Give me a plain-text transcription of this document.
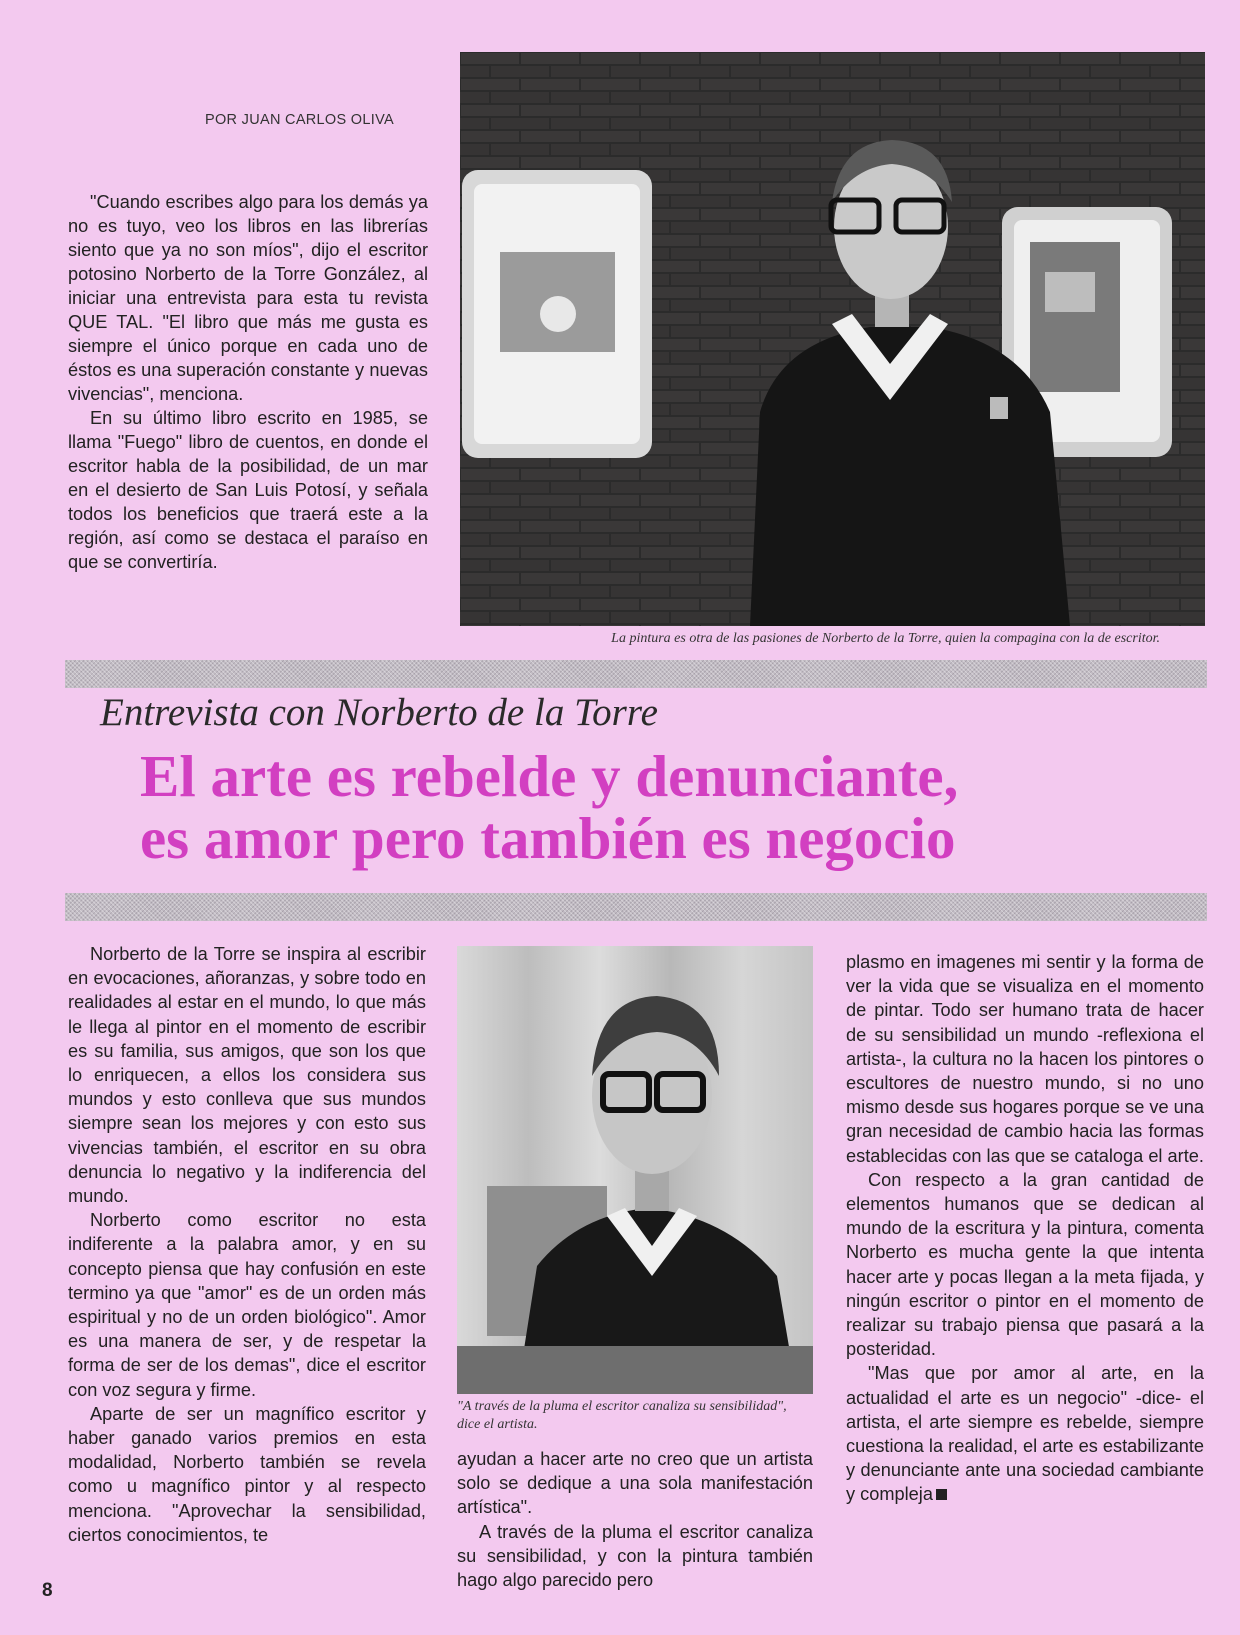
POR JUAN CARLOS OLIVA

"Cuando escribes algo para los demás ya no es tuyo, veo los libros en las librerías siento que ya no son míos", dijo el escritor potosino Norberto de la Torre González, al iniciar una entrevista para esta tu revista QUE TAL. "El libro que más me gusta es siempre el único porque en cada uno de éstos es una superación constante y nuevas vivencias", menciona.

En su último libro escrito en 1985, se llama "Fuego" libro de cuentos, en donde el escritor habla de la posibilidad, de un mar en el desierto de San Luis Potosí, y señala todos los beneficios que traerá este a la región, así como se destaca el paraíso en que se convertiría.

La pintura es otra de las pasiones de Norberto de la Torre, quien la compagina con la de escritor.
Entrevista con Norberto de la Torre
El arte es rebelde y denunciante,
es amor pero también es negocio

Norberto de la Torre se inspira al escribir en evocaciones, añoranzas, y sobre todo en realidades al estar en el mundo, lo que más le llega al pintor en el momento de escribir es su familia, sus amigos, que son los que lo enriquecen, a ellos los considera sus mundos y esto conlleva que sus mundos siempre sean los mejores y con esto sus vivencias también, el escritor en su obra denuncia lo negativo y la indiferencia del mundo.

Norberto como escritor no esta indiferente a la palabra amor, y en su concepto piensa que hay confusión en este termino ya que "amor" es de un orden más espiritual y no de un orden biológico". Amor es una manera de ser, y de respetar la forma de ser de los demas", dice el escritor con voz segura y firme.

Aparte de ser un magnífico escritor y haber ganado varios premios en esta modalidad, Norberto también se revela como u magnífico pintor y al respecto menciona. "Aprovechar la sensibilidad, ciertos conocimientos, te

"A través de la pluma el escritor canaliza su sensibilidad", dice el artista.

ayudan a hacer arte no creo que un artista solo se dedique a una sola manifestación artística".

A través de la pluma el escritor canaliza su sensibilidad, y con la pintura también hago algo parecido pero

plasmo en imagenes mi sentir y la forma de ver la vida que se visualiza en el momento de pintar. Todo ser humano trata de hacer de su sensibilidad un mundo -reflexiona el artista-, la cultura no la hacen los pintores o escultores de nuestro mundo, si no uno mismo desde sus hogares porque se ve una gran necesidad de cambio hacia las formas establecidas con las que se cataloga el arte.

Con respecto a la gran cantidad de elementos humanos que se dedican al mundo de la escritura y la pintura, comenta Norberto es mucha gente la que intenta hacer arte y pocas llegan a la meta fijada, y ningún escritor o pintor en el momento de realizar su trabajo piensa que pasará a la posteridad.

"Mas que por amor al arte, en la actualidad el arte es un negocio" -dice- el artista, el arte siempre es rebelde, siempre cuestiona la realidad, el arte es estabilizante y denunciante ante una sociedad cambiante y compleja

8
